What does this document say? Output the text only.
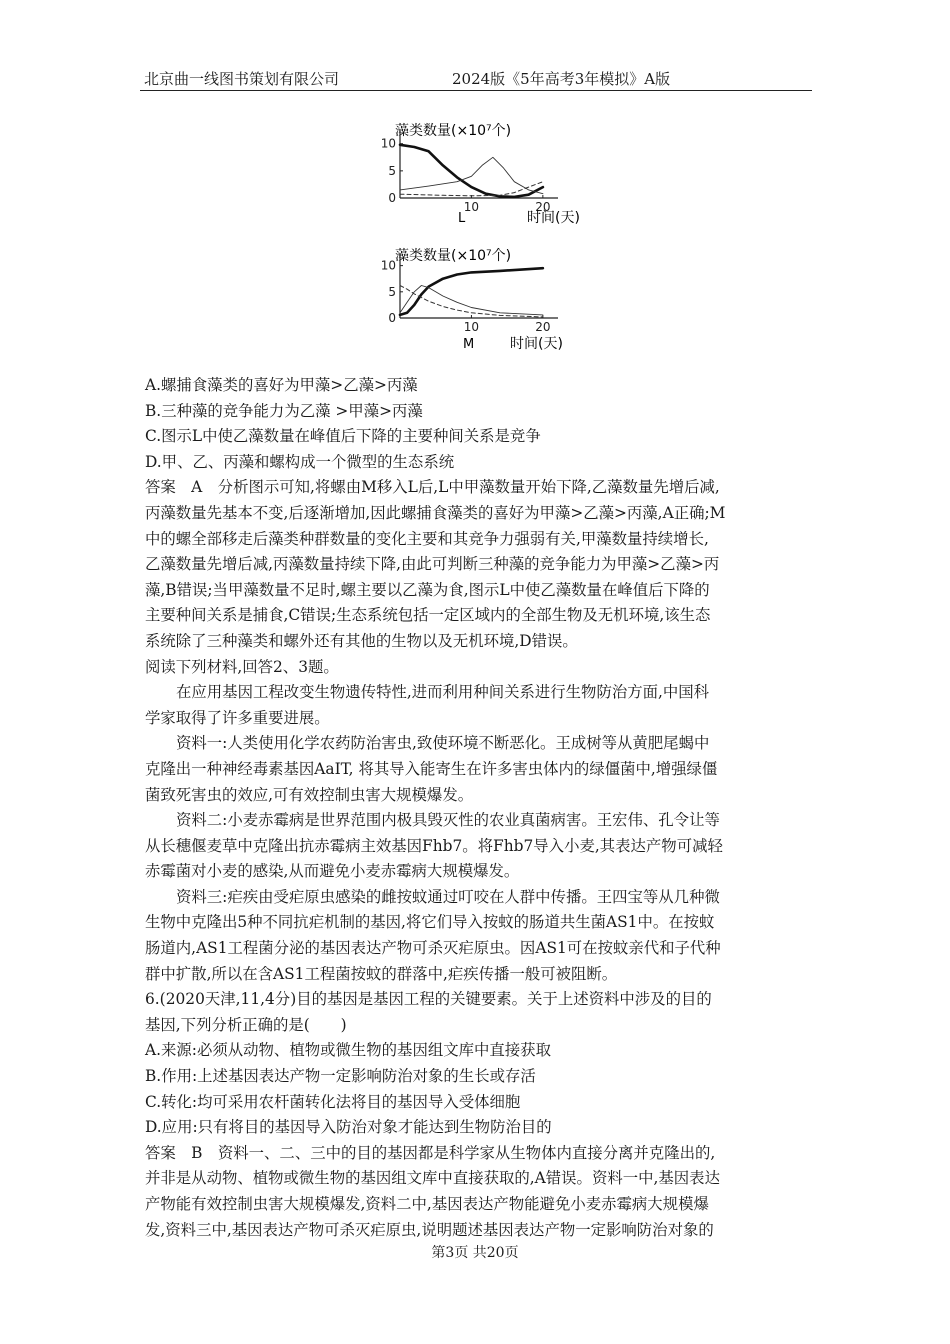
北京曲一线图书策划有限公司	2024版《5年高考3年模拟》A版
0
5
10
10	20
藻类数量(×10⁷个)
时间(天)
L
0
5
10
10	20
藻类数量(×10⁷个)
时间(天)
M
A.螺捕食藻类的喜好为甲藻>乙藻>丙藻
B.三种藻的竞争能力为乙藻 >甲藻>丙藻
C.图示L中使乙藻数量在峰值后下降的主要种间关系是竞争
D.甲、乙、丙藻和螺构成一个微型的生态系统
答案　A　分析图示可知,将螺由M移入L后,L中甲藻数量开始下降,乙藻数量先增后减,
丙藻数量先基本不变,后逐渐增加,因此螺捕食藻类的喜好为甲藻>乙藻>丙藻,A正确;M
中的螺全部移走后藻类种群数量的变化主要和其竞争力强弱有关,甲藻数量持续增长,
乙藻数量先增后减,丙藻数量持续下降,由此可判断三种藻的竞争能力为甲藻>乙藻>丙
藻,B错误;当甲藻数量不足时,螺主要以乙藻为食,图示L中使乙藻数量在峰值后下降的
主要种间关系是捕食,C错误;生态系统包括一定区域内的全部生物及无机环境,该生态
系统除了三种藻类和螺外还有其他的生物以及无机环境,D错误。
阅读下列材料,回答2、3题。
在应用基因工程改变生物遗传特性,进而利用种间关系进行生物防治方面,中国科
学家取得了许多重要进展。
资料一:人类使用化学农药防治害虫,致使环境不断恶化。王成树等从黄肥尾蝎中
克隆出一种神经毒素基因AaIT, 将其导入能寄生在许多害虫体内的绿僵菌中,增强绿僵
菌致死害虫的效应,可有效控制虫害大规模爆发。
资料二:小麦赤霉病是世界范围内极具毁灭性的农业真菌病害。王宏伟、孔令让等
从长穗偃麦草中克隆出抗赤霉病主效基因Fhb7。将Fhb7导入小麦,其表达产物可减轻
赤霉菌对小麦的感染,从而避免小麦赤霉病大规模爆发。
资料三:疟疾由受疟原虫感染的雌按蚊通过叮咬在人群中传播。王四宝等从几种微
生物中克隆出5种不同抗疟机制的基因,将它们导入按蚊的肠道共生菌AS1中。在按蚊
肠道内,AS1工程菌分泌的基因表达产物可杀灭疟原虫。因AS1可在按蚊亲代和子代种
群中扩散,所以在含AS1工程菌按蚊的群落中,疟疾传播一般可被阻断。
6.(2020天津,11,4分)目的基因是基因工程的关键要素。关于上述资料中涉及的目的
基因,下列分析正确的是(　　)
A.来源:必须从动物、植物或微生物的基因组文库中直接获取
B.作用:上述基因表达产物一定影响防治对象的生长或存活
C.转化:均可采用农杆菌转化法将目的基因导入受体细胞
D.应用:只有将目的基因导入防治对象才能达到生物防治目的
答案　B　资料一、二、三中的目的基因都是科学家从生物体内直接分离并克隆出的,
并非是从动物、植物或微生物的基因组文库中直接获取的,A错误。资料一中,基因表达
产物能有效控制虫害大规模爆发,资料二中,基因表达产物能避免小麦赤霉病大规模爆
发,资料三中,基因表达产物可杀灭疟原虫,说明题述基因表达产物一定影响防治对象的
第3页 共20页
